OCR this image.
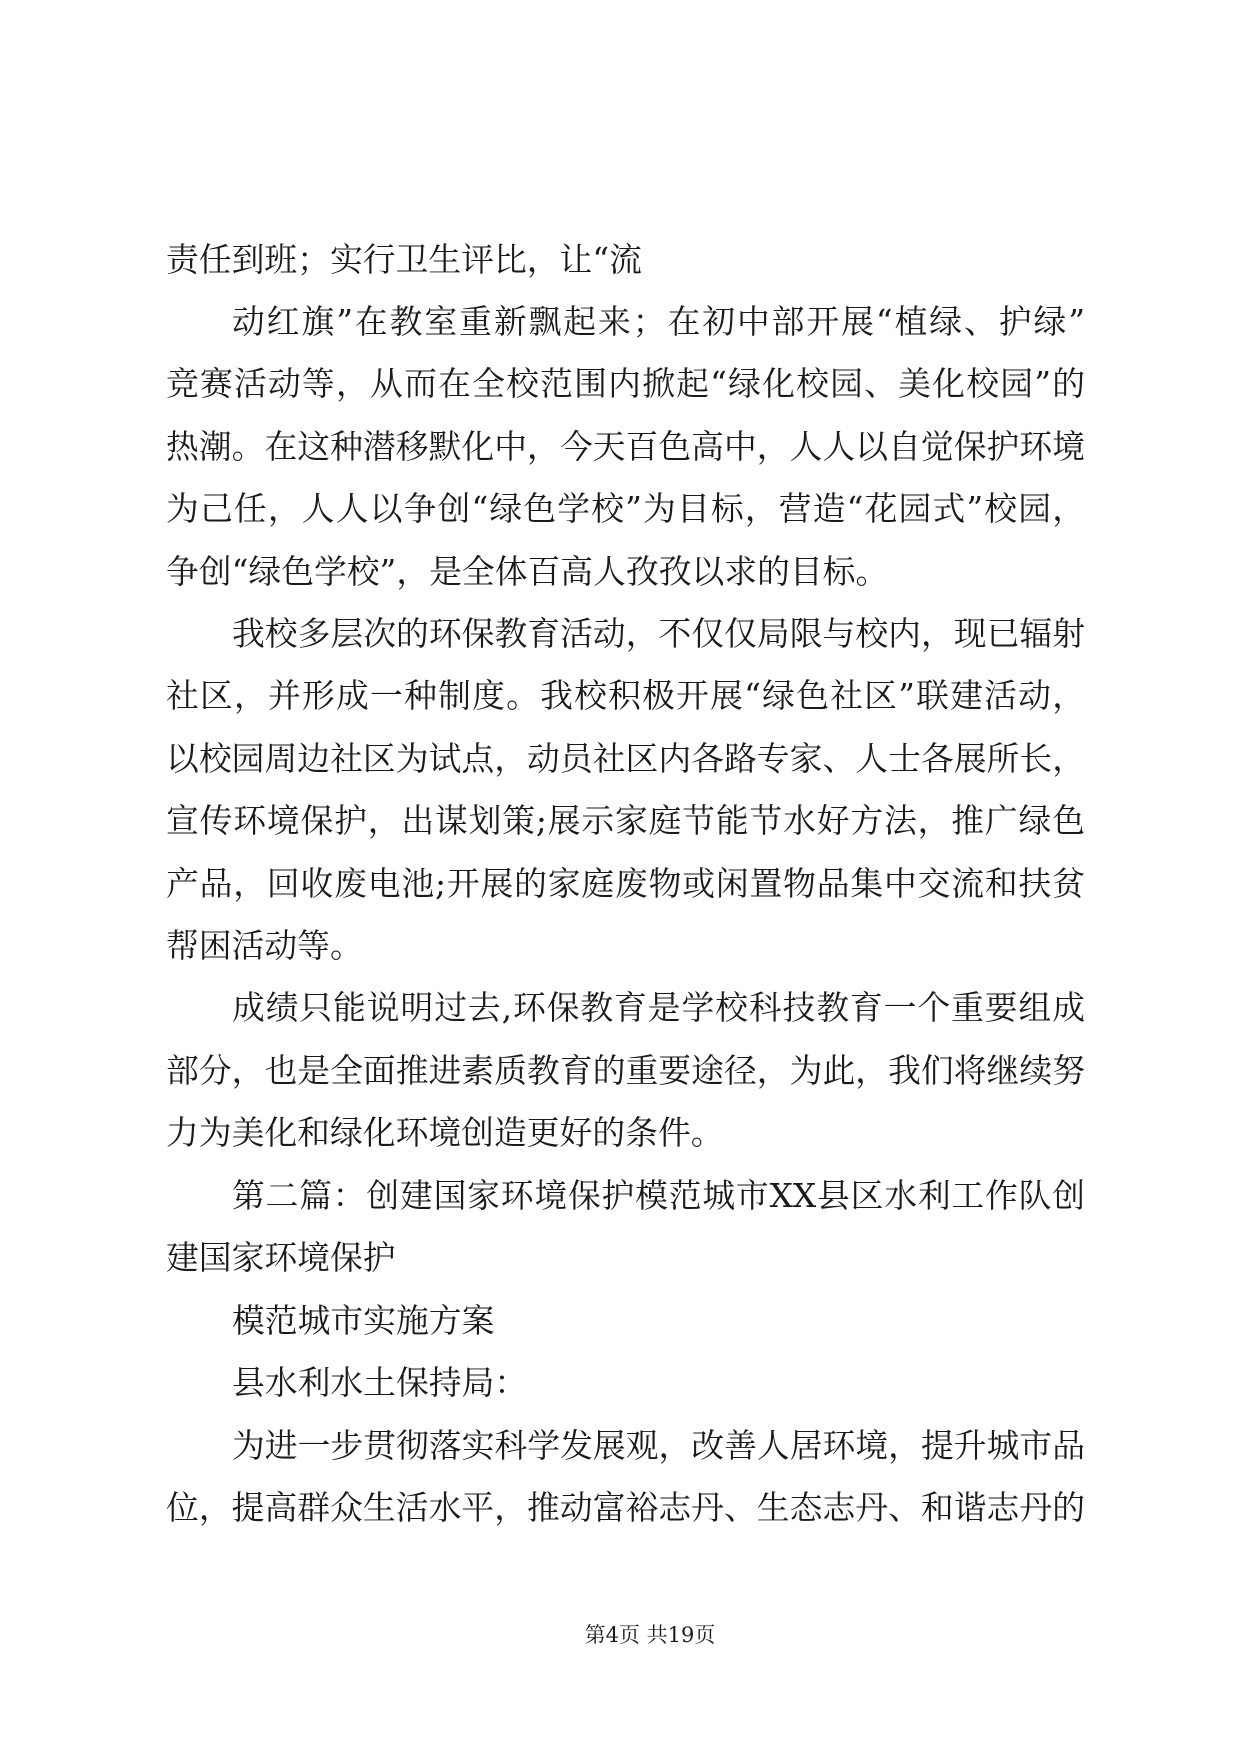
责任到班；实行卫生评比，让“流
动红旗”在教室重新飘起来；在初中部开展“植绿、护绿”
竞赛活动等，从而在全校范围内掀起“绿化校园、美化校园”的
热潮。在这种潜移默化中，今天百色高中，人人以自觉保护环境
为己任，人人以争创“绿色学校”为目标，营造“花园式”校园，
争创“绿色学校”，是全体百高人孜孜以求的目标。
我校多层次的环保教育活动，不仅仅局限与校内，现已辐射
社区，并形成一种制度。我校积极开展“绿色社区”联建活动，
以校园周边社区为试点，动员社区内各路专家、人士各展所长，
宣传环境保护，出谋划策;展示家庭节能节水好方法，推广绿色
产品，回收废电池;开展的家庭废物或闲置物品集中交流和扶贫
帮困活动等。
成绩只能说明过去,环保教育是学校科技教育一个重要组成
部分，也是全面推进素质教育的重要途径，为此，我们将继续努
力为美化和绿化环境创造更好的条件。
第二篇：创建国家环境保护模范城市XX县区水利工作队创
建国家环境保护
模范城市实施方案
县水利水土保持局：
为进一步贯彻落实科学发展观，改善人居环境，提升城市品
位，提高群众生活水平，推动富裕志丹、生态志丹、和谐志丹的
第4页 共19页
